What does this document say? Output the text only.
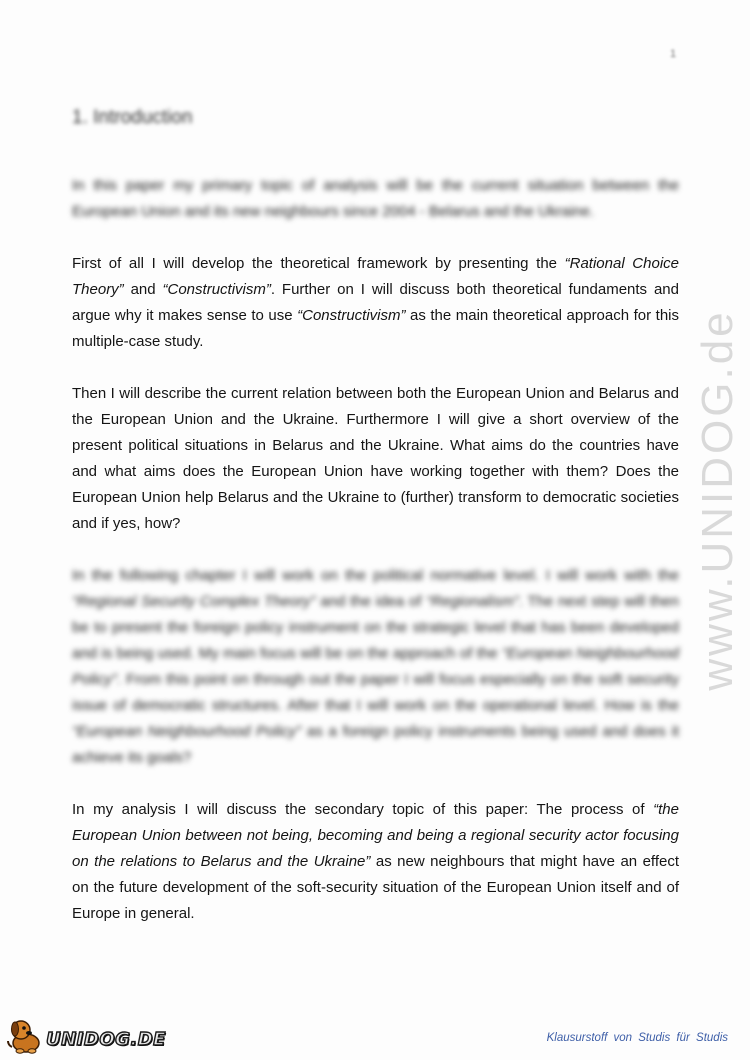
1
1. Introduction

In this paper my primary topic of analysis will be the current situation between the European Union and its new neighbours since 2004 - Belarus and the Ukraine.

First of all I will develop the theoretical framework by presenting the “Rational Choice Theory” and “Constructivism”. Further on I will discuss both theoretical fundaments and argue why it makes sense to use “Constructivism” as the main theoretical approach for this multiple-case study.

Then I will describe the current relation between both the European Union and Belarus and the European Union and the Ukraine. Furthermore I will give a short overview of the present political situations in Belarus and the Ukraine. What aims do the countries have and what aims does the European Union have working together with them? Does the European Union help Belarus and the Ukraine to (further) transform to democratic societies and if yes, how?

In the following chapter I will work on the political normative level. I will work with the “Regional Security Complex Theory” and the idea of “Regionalism”. The next step will then be to present the foreign policy instrument on the strategic level that has been developed and is being used. My main focus will be on the approach of the “European Neighbourhood Policy”. From this point on through out the paper I will focus especially on the soft security issue of democratic structures. After that I will work on the operational level. How is the “European Neighbourhood Policy” as a foreign policy instruments being used and does it achieve its goals?

In my analysis I will discuss the secondary topic of this paper: The process of “the European Union between not being, becoming and being a regional security actor focusing on the relations to Belarus and the Ukraine” as new neighbours that might have an effect on the future development of the soft-security situation of the European Union itself and of Europe in general.

www.UNIDOG.de
UNIDOG.DE	Klausurstoff von Studis für Studis
